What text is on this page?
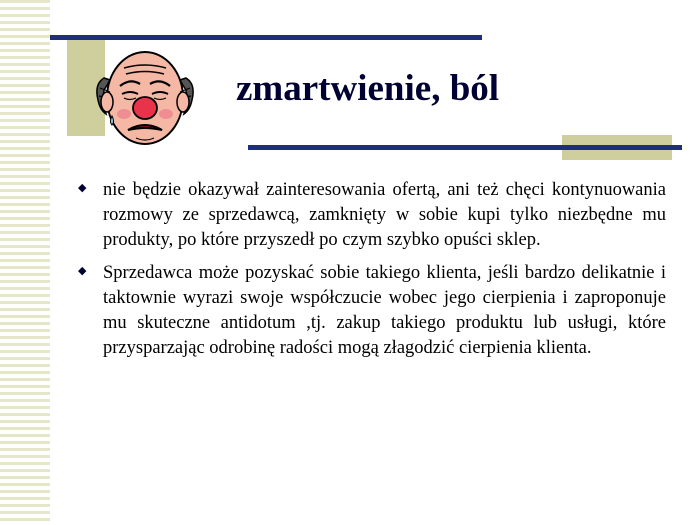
zmartwienie, ból
◆ nie będzie okazywał zainteresowania ofertą, ani też chęci kontynuowania rozmowy ze sprzedawcą, zamknięty w sobie kupi tylko niezbędne mu produkty, po które przyszedł po czym szybko opuści sklep.
◆ Sprzedawca może pozyskać sobie takiego klienta, jeśli bardzo delikatnie i taktownie wyrazi swoje współczucie wobec jego cierpienia i zaproponuje mu skuteczne antidotum ,tj. zakup takiego produktu lub usługi, które przysparzając odrobinę radości mogą złagodzić cierpienia klienta.
